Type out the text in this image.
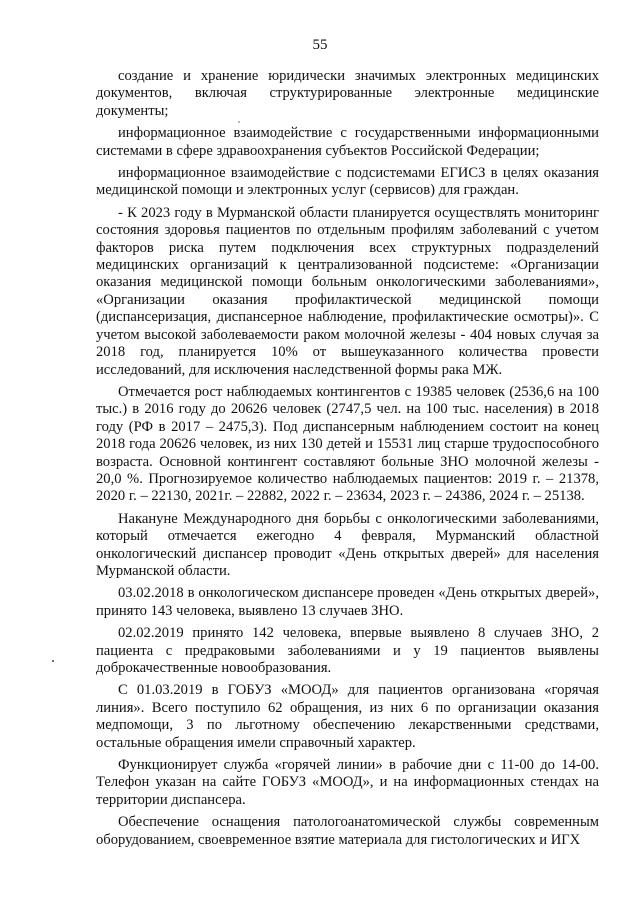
55

создание и хранение юридически значимых электронных медицинских документов, включая структурированные электронные медицинские документы;

информационное взаимодействие с государственными информационными системами в сфере здравоохранения субъектов Российской Федерации;

информационное взаимодействие с подсистемами ЕГИСЗ в целях оказания медицинской помощи и электронных услуг (сервисов) для граждан.

- К 2023 году в Мурманской области планируется осуществлять мониторинг состояния здоровья пациентов по отдельным профилям заболеваний с учетом факторов риска путем подключения всех структурных подразделений медицинских организаций к централизованной подсистеме: «Организации оказания медицинской помощи больным онкологическими заболеваниями», «Организации оказания профилактической медицинской помощи (диспансеризация, диспансерное наблюдение, профилактические осмотры)». С учетом высокой заболеваемости раком молочной железы - 404 новых случая за 2018 год, планируется 10% от вышеуказанного количества провести исследований, для исключения наследственной формы рака МЖ.

Отмечается рост наблюдаемых контингентов с 19385 человек (2536,6 на 100 тыс.) в 2016 году до 20626 человек (2747,5 чел. на 100 тыс. населения) в 2018 году (РФ в 2017 – 2475,3). Под диспансерным наблюдением состоит на конец 2018 года 20626 человек, из них 130 детей и 15531 лиц старше трудоспособного возраста. Основной контингент составляют больные ЗНО молочной железы - 20,0 %. Прогнозируемое количество наблюдаемых пациентов: 2019 г. – 21378, 2020 г. – 22130, 2021г. – 22882, 2022 г. – 23634, 2023 г. – 24386, 2024 г. – 25138.

Накануне Международного дня борьбы с онкологическими заболеваниями, который отмечается ежегодно 4 февраля, Мурманский областной онкологический диспансер проводит «День открытых дверей» для населения Мурманской области.

03.02.2018 в онкологическом диспансере проведен «День открытых дверей», принято 143 человека, выявлено 13 случаев ЗНО.

02.02.2019 принято 142 человека, впервые выявлено 8 случаев ЗНО, 2 пациента с предраковыми заболеваниями и у 19 пациентов выявлены доброкачественные новообразования.

С 01.03.2019 в ГОБУЗ «МООД» для пациентов организована «горячая линия». Всего поступило 62 обращения, из них 6 по организации оказания медпомощи, 3 по льготному обеспечению лекарственными средствами, остальные обращения имели справочный характер.

Функционирует служба «горячей линии» в рабочие дни с 11-00 до 14-00. Телефон указан на сайте ГОБУЗ «МООД», и на информационных стендах на территории диспансера.

Обеспечение оснащения патологоанатомической службы современным оборудованием, своевременное взятие материала для гистологических и ИГХ
